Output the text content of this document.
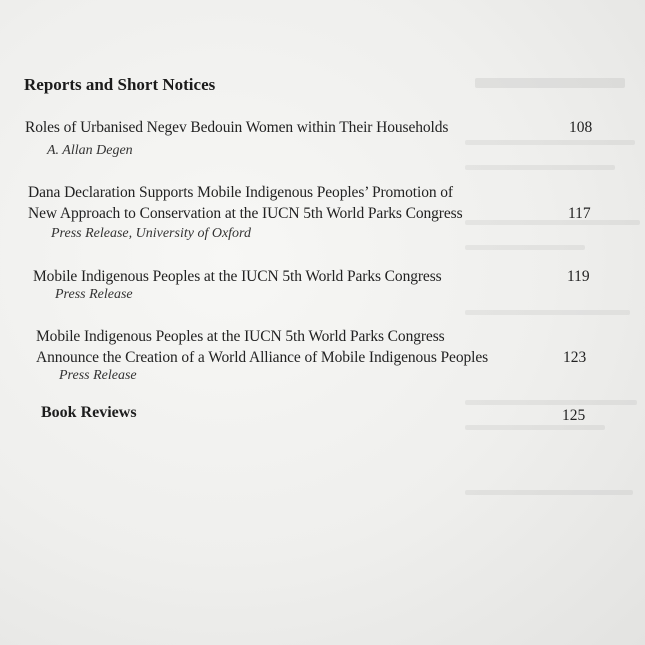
Reports and Short Notices
Roles of Urbanised Negev Bedouin Women within Their Households
A. Allan Degen
108
Dana Declaration Supports Mobile Indigenous Peoples’ Promotion of
New Approach to Conservation at the IUCN 5th World Parks Congress
Press Release, University of Oxford
117
Mobile Indigenous Peoples at the IUCN 5th World Parks Congress
Press Release
119
Mobile Indigenous Peoples at the IUCN 5th World Parks Congress
Announce the Creation of a World Alliance of Mobile Indigenous Peoples
Press Release
123
Book Reviews	125
